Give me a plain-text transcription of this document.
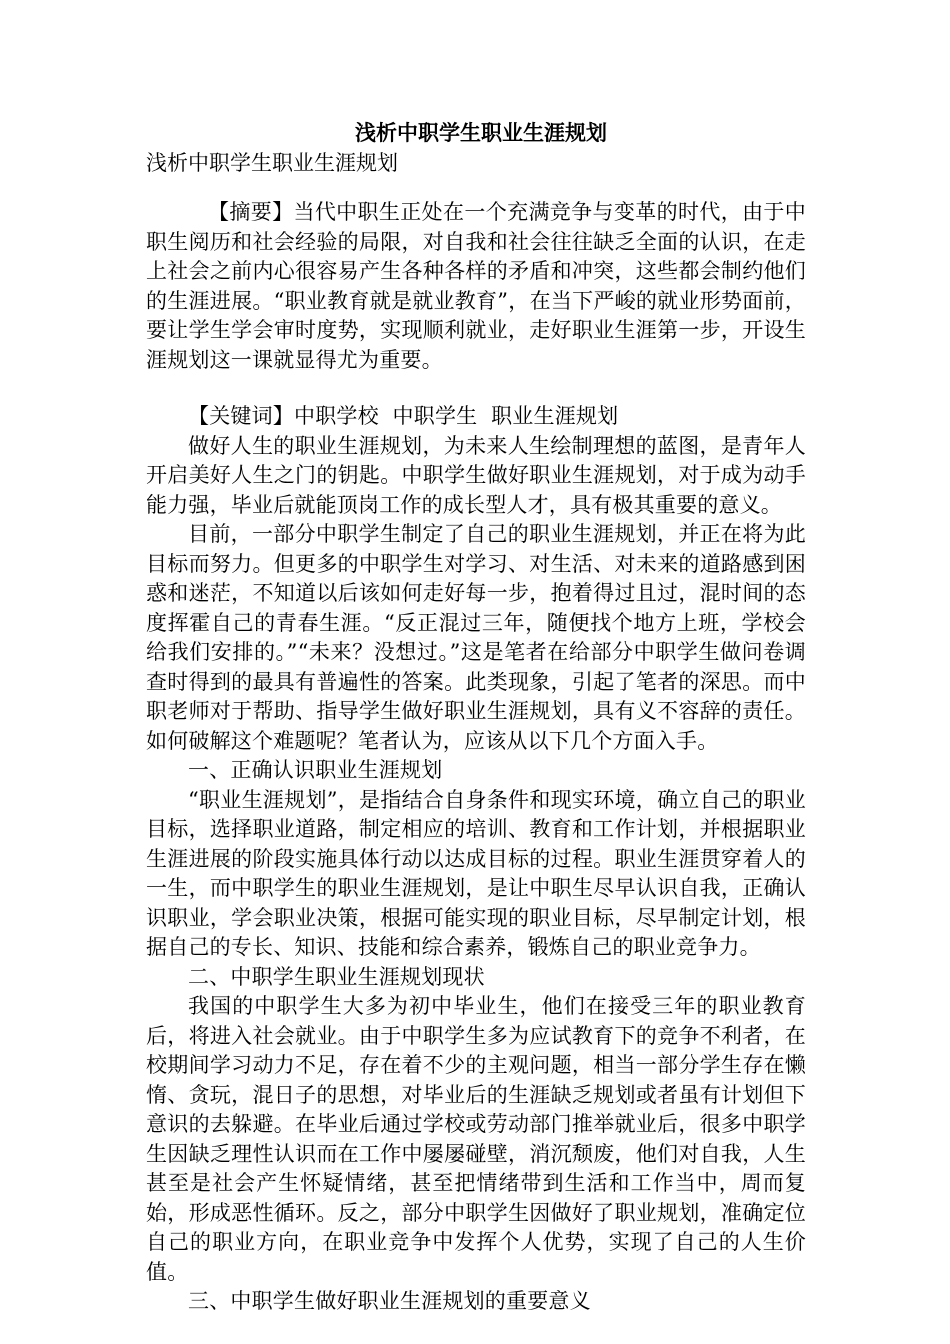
浅析中职学生职业生涯规划
浅析中职学生职业生涯规划

【摘要】当代中职生正处在一个充满竞争与变革的时代，由于中职生阅历和社会经验的局限，对自我和社会往往缺乏全面的认识，在走上社会之前内心很容易产生各种各样的矛盾和冲突，这些都会制约他们的生涯进展。“职业教育就是就业教育”，在当下严峻的就业形势面前，要让学生学会审时度势，实现顺利就业，走好职业生涯第一步，开设生涯规划这一课就显得尤为重要。

【关键词】中职学校  中职学生  职业生涯规划

做好人生的职业生涯规划，为未来人生绘制理想的蓝图，是青年人开启美好人生之门的钥匙。中职学生做好职业生涯规划，对于成为动手能力强，毕业后就能顶岗工作的成长型人才，具有极其重要的意义。

目前，一部分中职学生制定了自己的职业生涯规划，并正在将为此目标而努力。但更多的中职学生对学习、对生活、对未来的道路感到困惑和迷茫，不知道以后该如何走好每一步，抱着得过且过，混时间的态度挥霍自己的青春生涯。“反正混过三年，随便找个地方上班，学校会给我们安排的。”“未来？没想过。”这是笔者在给部分中职学生做问卷调查时得到的最具有普遍性的答案。此类现象，引起了笔者的深思。而中职老师对于帮助、指导学生做好职业生涯规划，具有义不容辞的责任。如何破解这个难题呢？笔者认为，应该从以下几个方面入手。

一、正确认识职业生涯规划

“职业生涯规划”，是指结合自身条件和现实环境，确立自己的职业目标，选择职业道路，制定相应的培训、教育和工作计划，并根据职业生涯进展的阶段实施具体行动以达成目标的过程。职业生涯贯穿着人的一生，而中职学生的职业生涯规划，是让中职生尽早认识自我，正确认识职业，学会职业决策，根据可能实现的职业目标，尽早制定计划，根据自己的专长、知识、技能和综合素养，锻炼自己的职业竞争力。

二、中职学生职业生涯规划现状

我国的中职学生大多为初中毕业生，他们在接受三年的职业教育后，将进入社会就业。由于中职学生多为应试教育下的竞争不利者，在校期间学习动力不足，存在着不少的主观问题，相当一部分学生存在懒惰、贪玩，混日子的思想，对毕业后的生涯缺乏规划或者虽有计划但下意识的去躲避。在毕业后通过学校或劳动部门推举就业后，很多中职学生因缺乏理性认识而在工作中屡屡碰壁，消沉颓废，他们对自我，人生甚至是社会产生怀疑情绪，甚至把情绪带到生活和工作当中，周而复始，形成恶性循环。反之，部分中职学生因做好了职业规划，准确定位自己的职业方向，在职业竞争中发挥个人优势，实现了自己的人生价值。

三、中职学生做好职业生涯规划的重要意义
